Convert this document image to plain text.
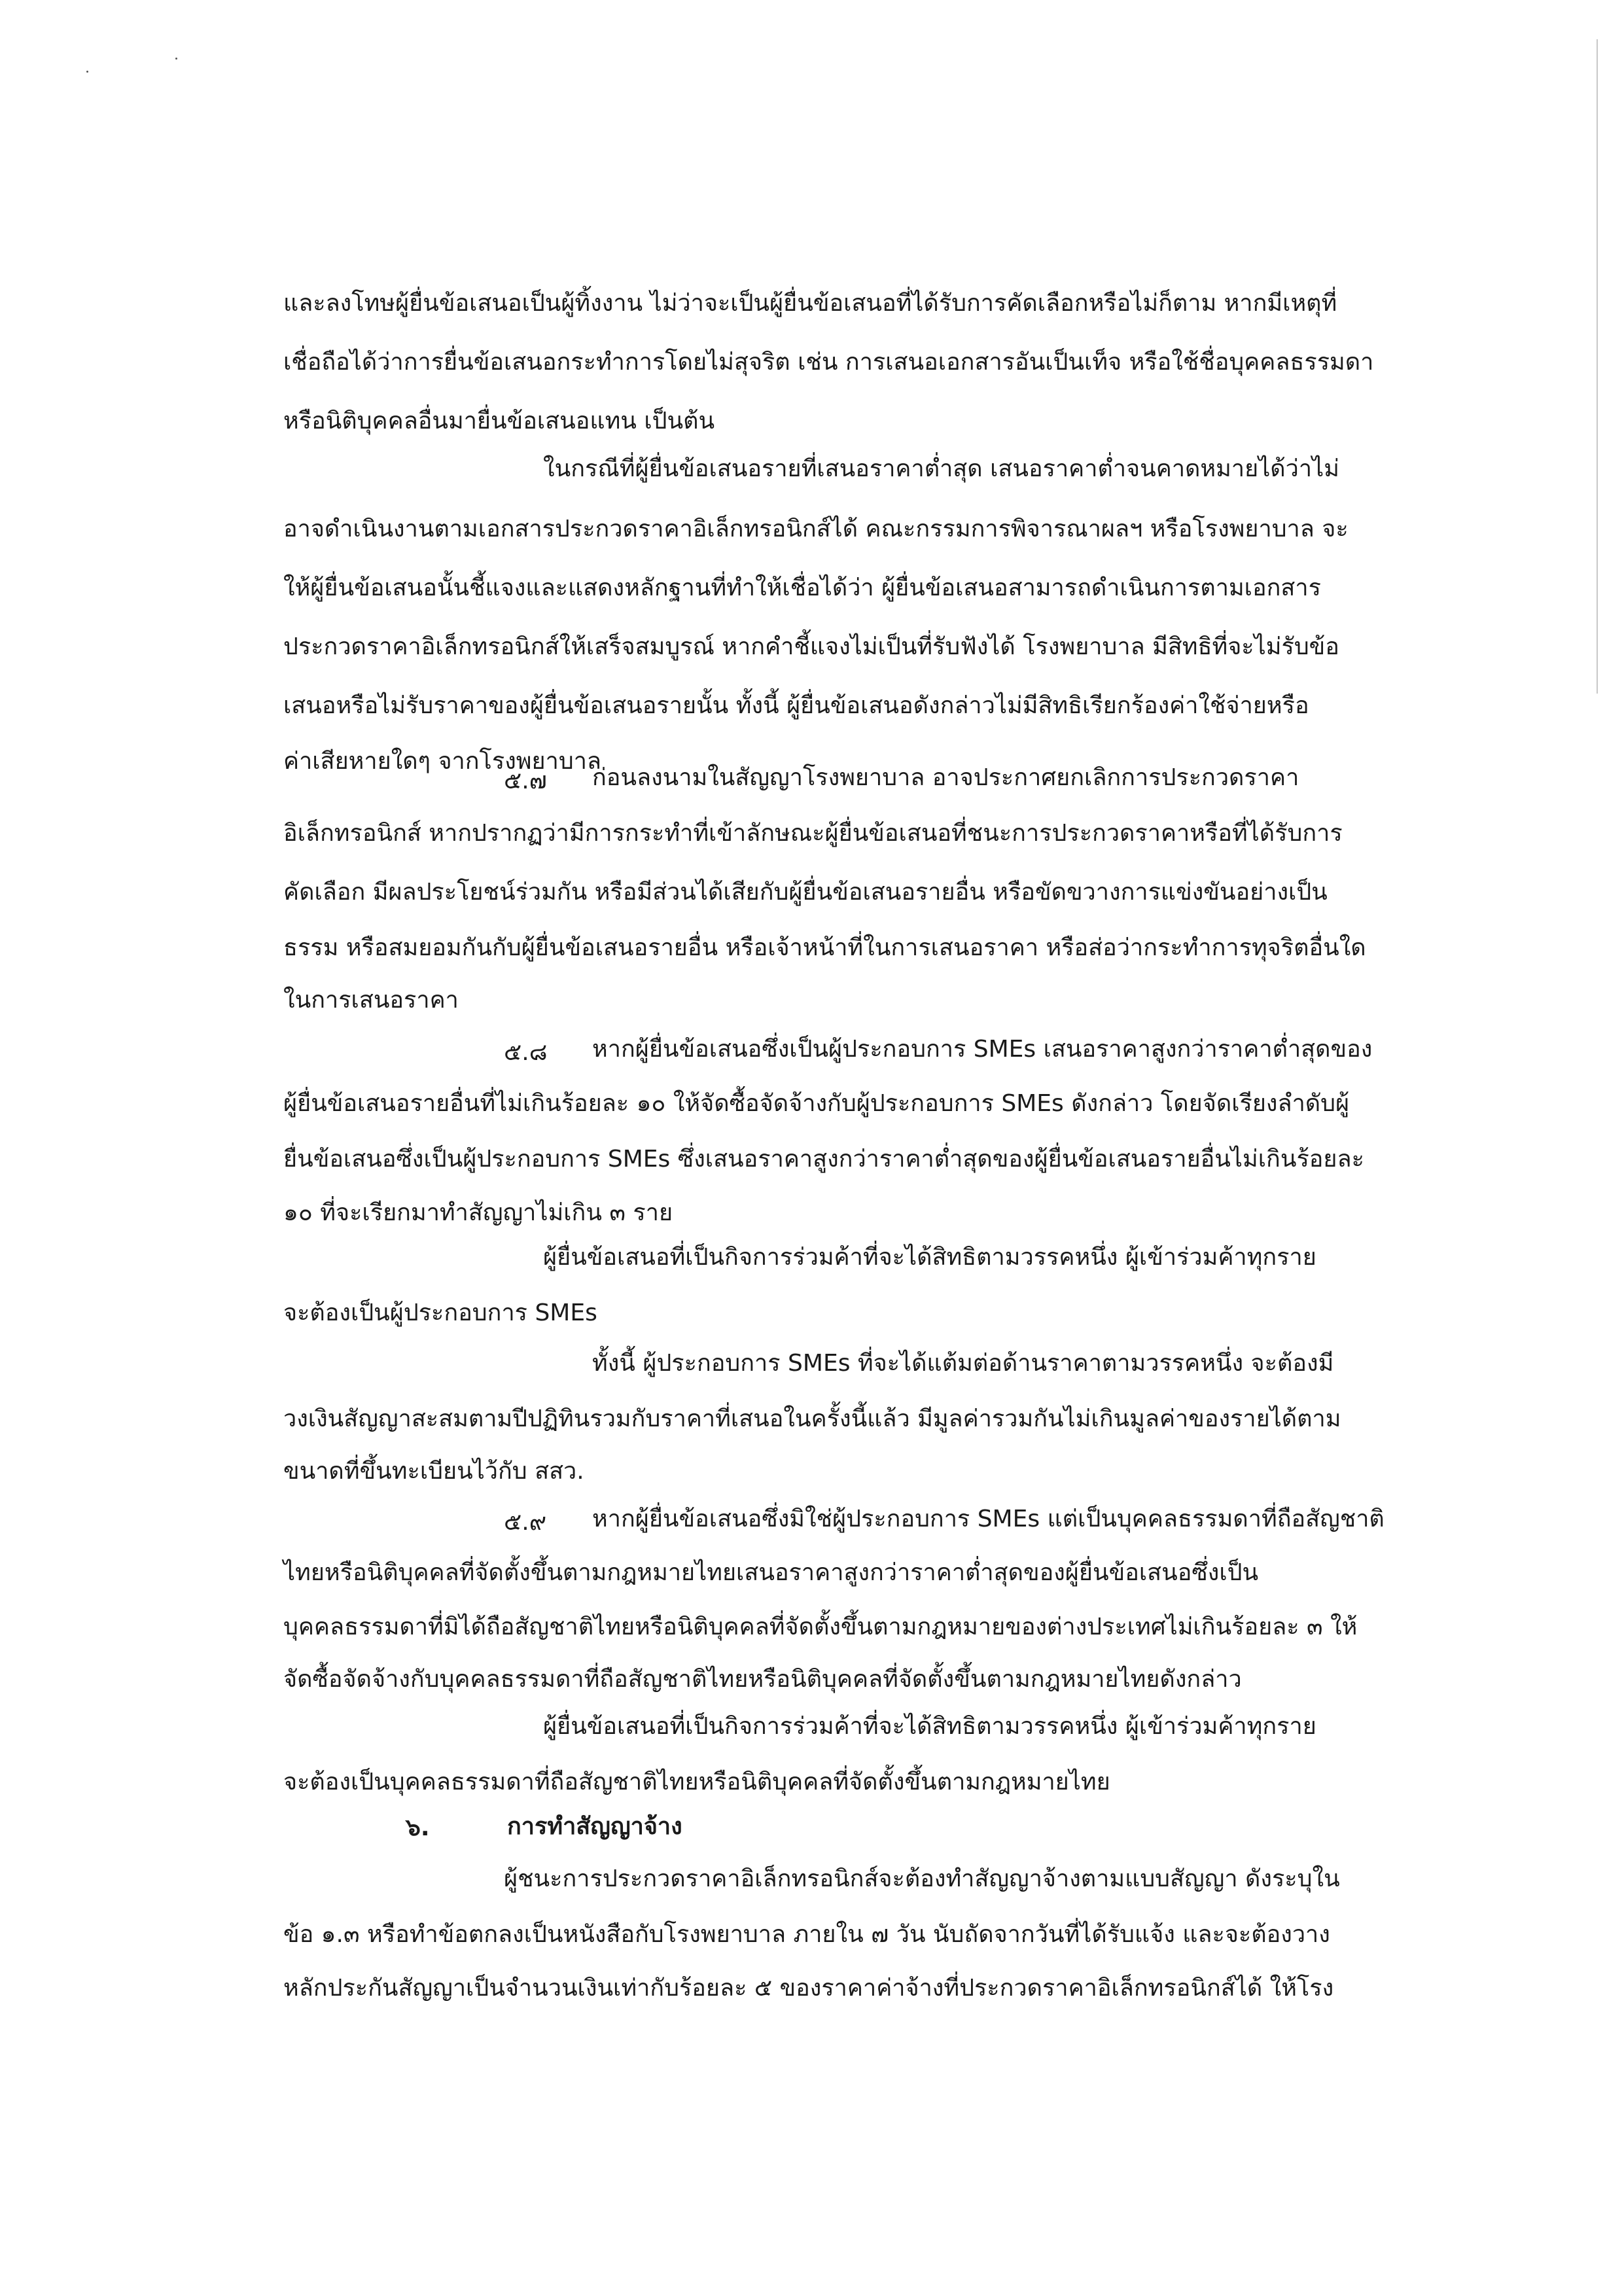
และลงโทษผู้ยื่นข้อเสนอเป็นผู้ทิ้งงาน ไม่ว่าจะเป็นผู้ยื่นข้อเสนอที่ได้รับการคัดเลือกหรือไม่ก็ตาม หากมีเหตุที่
เชื่อถือได้ว่าการยื่นข้อเสนอกระทำการโดยไม่สุจริต เช่น การเสนอเอกสารอันเป็นเท็จ หรือใช้ชื่อบุคคลธรรมดา
หรือนิติบุคคลอื่นมายื่นข้อเสนอแทน เป็นต้น
ในกรณีที่ผู้ยื่นข้อเสนอรายที่เสนอราคาต่ำสุด เสนอราคาต่ำจนคาดหมายได้ว่าไม่
อาจดำเนินงานตามเอกสารประกวดราคาอิเล็กทรอนิกส์ได้ คณะกรรมการพิจารณาผลฯ หรือโรงพยาบาล จะ
ให้ผู้ยื่นข้อเสนอนั้นชี้แจงและแสดงหลักฐานที่ทำให้เชื่อได้ว่า ผู้ยื่นข้อเสนอสามารถดำเนินการตามเอกสาร
ประกวดราคาอิเล็กทรอนิกส์ให้เสร็จสมบูรณ์ หากคำชี้แจงไม่เป็นที่รับฟังได้ โรงพยาบาล มีสิทธิที่จะไม่รับข้อ
เสนอหรือไม่รับราคาของผู้ยื่นข้อเสนอรายนั้น ทั้งนี้ ผู้ยื่นข้อเสนอดังกล่าวไม่มีสิทธิเรียกร้องค่าใช้จ่ายหรือ
ค่าเสียหายใดๆ จากโรงพยาบาล
๕.๗ ก่อนลงนามในสัญญาโรงพยาบาล อาจประกาศยกเลิกการประกวดราคา
อิเล็กทรอนิกส์ หากปรากฏว่ามีการกระทำที่เข้าลักษณะผู้ยื่นข้อเสนอที่ชนะการประกวดราคาหรือที่ได้รับการ
คัดเลือก มีผลประโยชน์ร่วมกัน หรือมีส่วนได้เสียกับผู้ยื่นข้อเสนอรายอื่น หรือขัดขวางการแข่งขันอย่างเป็น
ธรรม หรือสมยอมกันกับผู้ยื่นข้อเสนอรายอื่น หรือเจ้าหน้าที่ในการเสนอราคา หรือส่อว่ากระทำการทุจริตอื่นใด
ในการเสนอราคา
๕.๘ หากผู้ยื่นข้อเสนอซึ่งเป็นผู้ประกอบการ SMEs เสนอราคาสูงกว่าราคาต่ำสุดของ
ผู้ยื่นข้อเสนอรายอื่นที่ไม่เกินร้อยละ ๑๐ ให้จัดซื้อจัดจ้างกับผู้ประกอบการ SMEs ดังกล่าว โดยจัดเรียงลำดับผู้
ยื่นข้อเสนอซึ่งเป็นผู้ประกอบการ SMEs ซึ่งเสนอราคาสูงกว่าราคาต่ำสุดของผู้ยื่นข้อเสนอรายอื่นไม่เกินร้อยละ
๑๐ ที่จะเรียกมาทำสัญญาไม่เกิน ๓ ราย
ผู้ยื่นข้อเสนอที่เป็นกิจการร่วมค้าที่จะได้สิทธิตามวรรคหนึ่ง ผู้เข้าร่วมค้าทุกราย
จะต้องเป็นผู้ประกอบการ SMEs
ทั้งนี้ ผู้ประกอบการ SMEs ที่จะได้แต้มต่อด้านราคาตามวรรคหนึ่ง จะต้องมี
วงเงินสัญญาสะสมตามปีปฏิทินรวมกับราคาที่เสนอในครั้งนี้แล้ว มีมูลค่ารวมกันไม่เกินมูลค่าของรายได้ตาม
ขนาดที่ขึ้นทะเบียนไว้กับ สสว.
๕.๙ หากผู้ยื่นข้อเสนอซึ่งมิใช่ผู้ประกอบการ SMEs แต่เป็นบุคคลธรรมดาที่ถือสัญชาติ
ไทยหรือนิติบุคคลที่จัดตั้งขึ้นตามกฎหมายไทยเสนอราคาสูงกว่าราคาต่ำสุดของผู้ยื่นข้อเสนอซึ่งเป็น
บุคคลธรรมดาที่มิได้ถือสัญชาติไทยหรือนิติบุคคลที่จัดตั้งขึ้นตามกฎหมายของต่างประเทศไม่เกินร้อยละ ๓ ให้
จัดซื้อจัดจ้างกับบุคคลธรรมดาที่ถือสัญชาติไทยหรือนิติบุคคลที่จัดตั้งขึ้นตามกฎหมายไทยดังกล่าว
ผู้ยื่นข้อเสนอที่เป็นกิจการร่วมค้าที่จะได้สิทธิตามวรรคหนึ่ง ผู้เข้าร่วมค้าทุกราย
จะต้องเป็นบุคคลธรรมดาที่ถือสัญชาติไทยหรือนิติบุคคลที่จัดตั้งขึ้นตามกฎหมายไทย
๖.	การทำสัญญาจ้าง
ผู้ชนะการประกวดราคาอิเล็กทรอนิกส์จะต้องทำสัญญาจ้างตามแบบสัญญา ดังระบุใน
ข้อ ๑.๓ หรือทำข้อตกลงเป็นหนังสือกับโรงพยาบาล ภายใน ๗ วัน นับถัดจากวันที่ได้รับแจ้ง และจะต้องวาง
หลักประกันสัญญาเป็นจำนวนเงินเท่ากับร้อยละ ๕ ของราคาค่าจ้างที่ประกวดราคาอิเล็กทรอนิกส์ได้ ให้โรง
